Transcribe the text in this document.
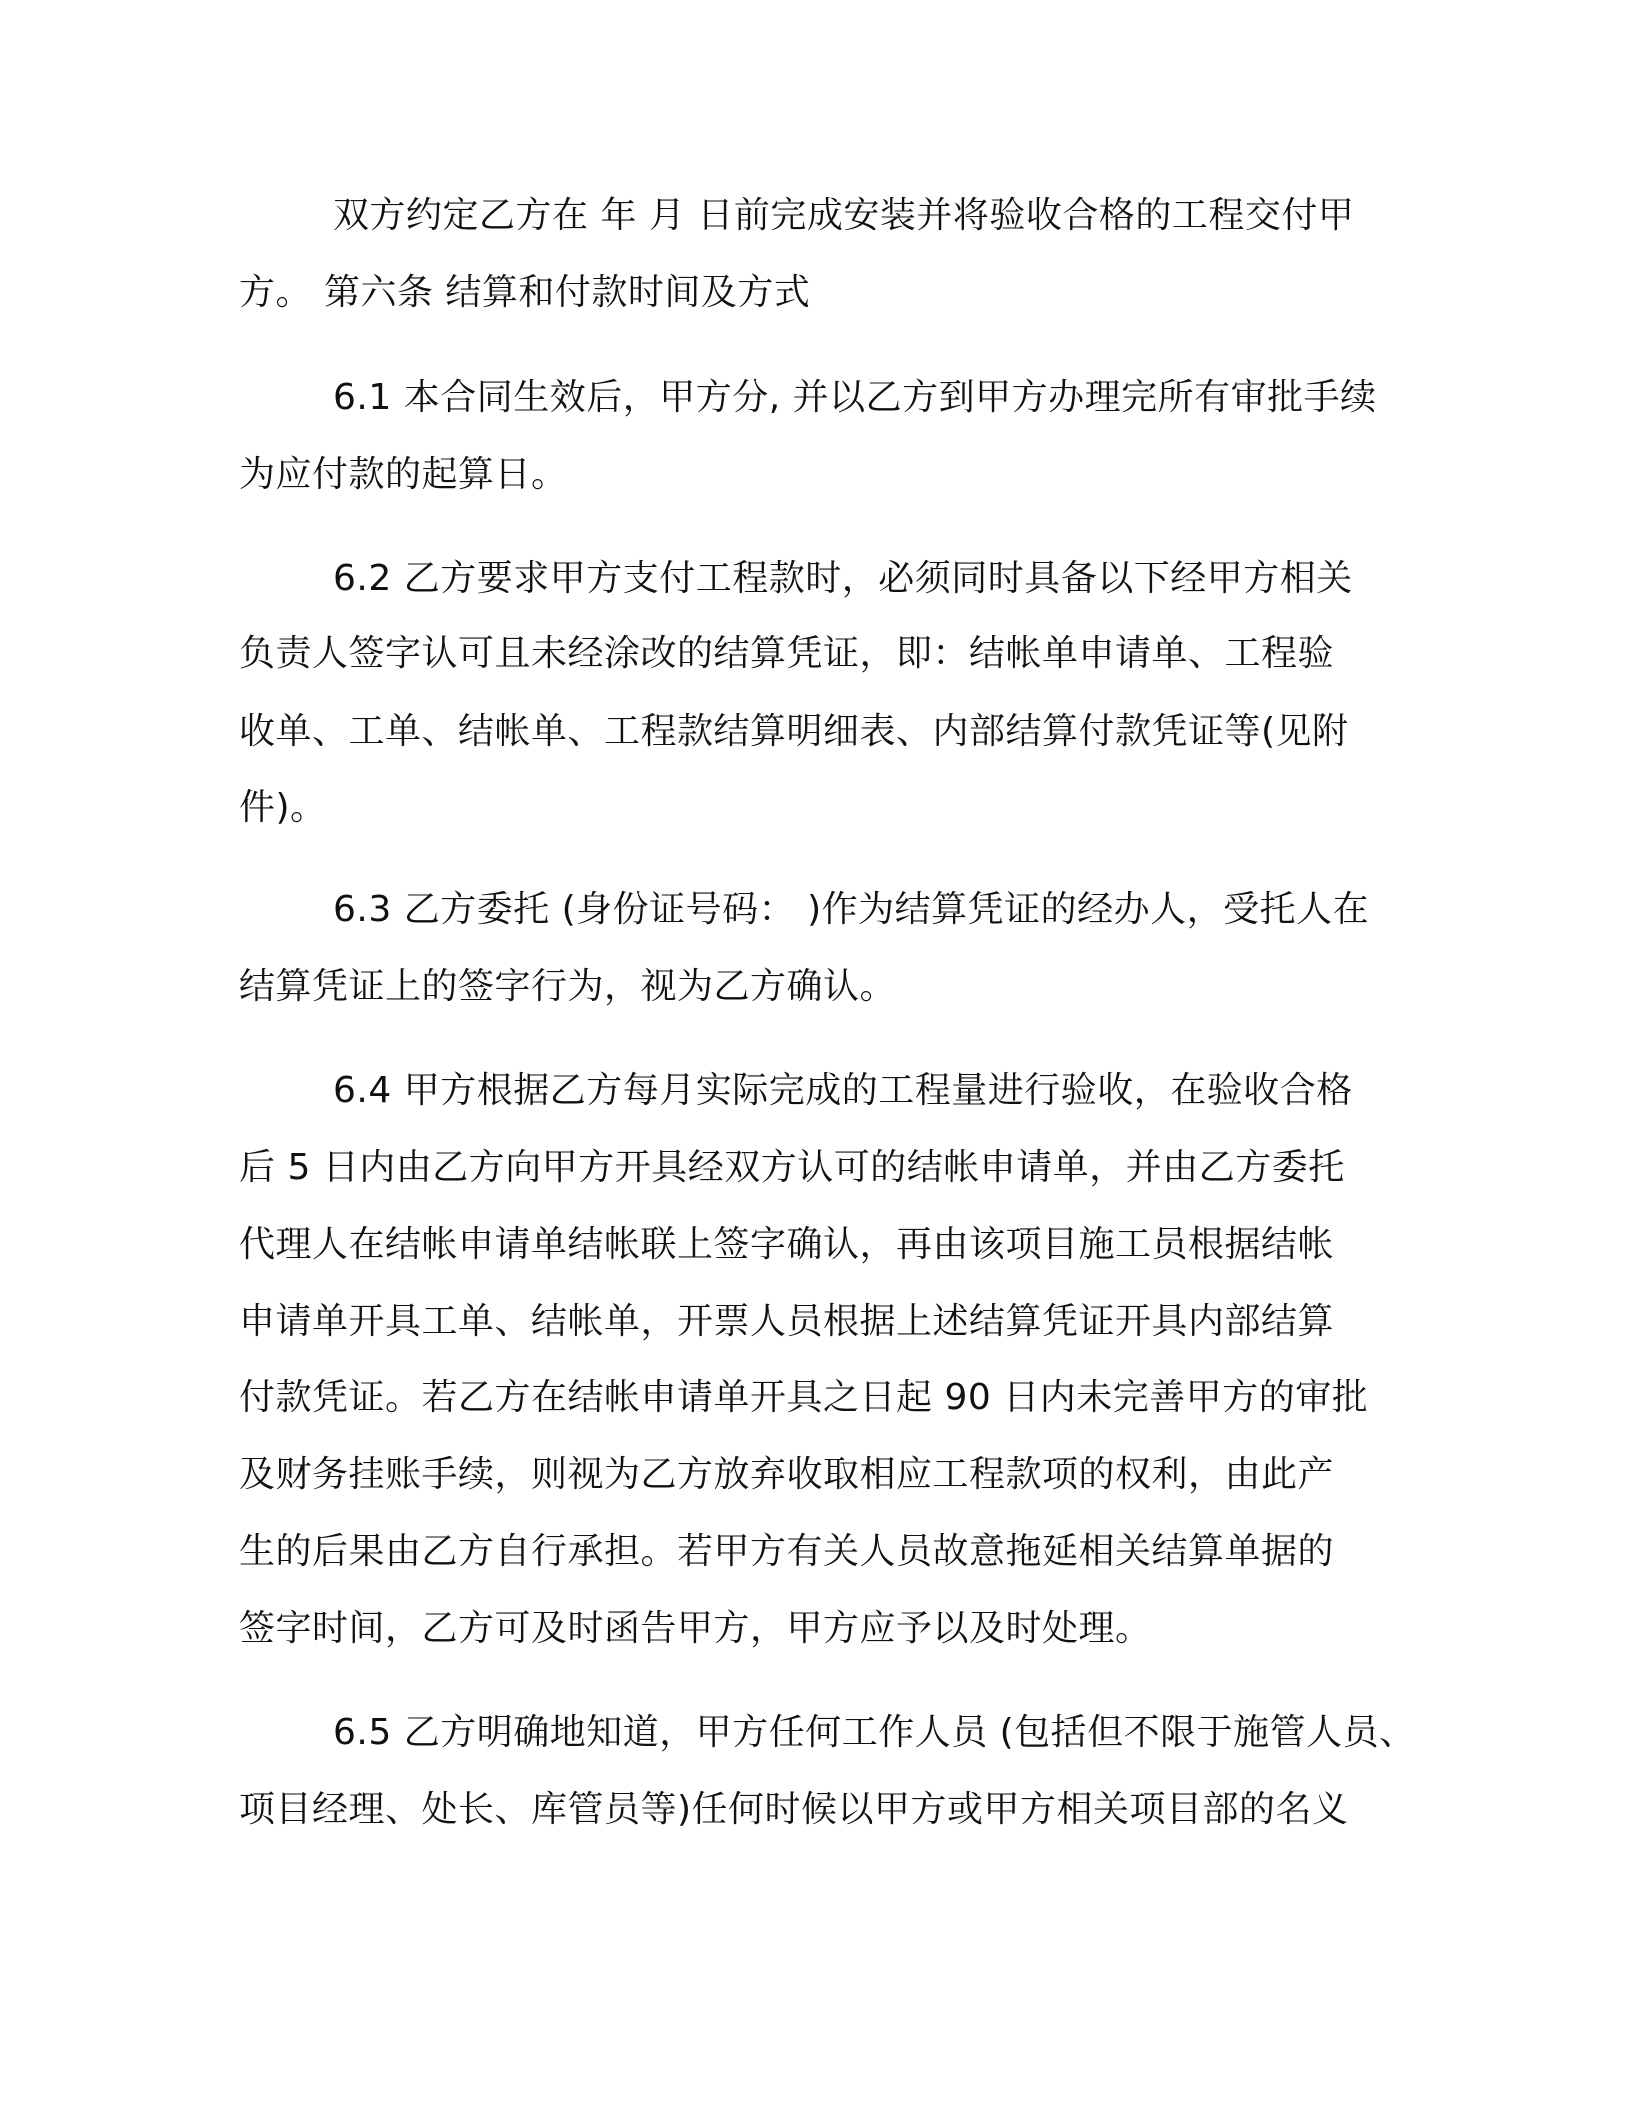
双方约定乙方在 年 月 日前完成安装并将验收合格的工程交付甲
方。 第六条 结算和付款时间及方式
6.1 本合同生效后，甲方分, 并以乙方到甲方办理完所有审批手续
为应付款的起算日。
6.2 乙方要求甲方支付工程款时，必须同时具备以下经甲方相关
负责人签字认可且未经涂改的结算凭证，即：结帐单申请单、工程验
收单、工单、结帐单、工程款结算明细表、内部结算付款凭证等(见附
件)。
6.3 乙方委托 (身份证号码： )作为结算凭证的经办人，受托人在
结算凭证上的签字行为，视为乙方确认。
6.4 甲方根据乙方每月实际完成的工程量进行验收，在验收合格
后 5 日内由乙方向甲方开具经双方认可的结帐申请单，并由乙方委托
代理人在结帐申请单结帐联上签字确认，再由该项目施工员根据结帐
申请单开具工单、结帐单，开票人员根据上述结算凭证开具内部结算
付款凭证。若乙方在结帐申请单开具之日起 90 日内未完善甲方的审批
及财务挂账手续，则视为乙方放弃收取相应工程款项的权利，由此产
生的后果由乙方自行承担。若甲方有关人员故意拖延相关结算单据的
签字时间，乙方可及时函告甲方，甲方应予以及时处理。
6.5 乙方明确地知道，甲方任何工作人员 (包括但不限于施管人员、
项目经理、处长、库管员等)任何时候以甲方或甲方相关项目部的名义
